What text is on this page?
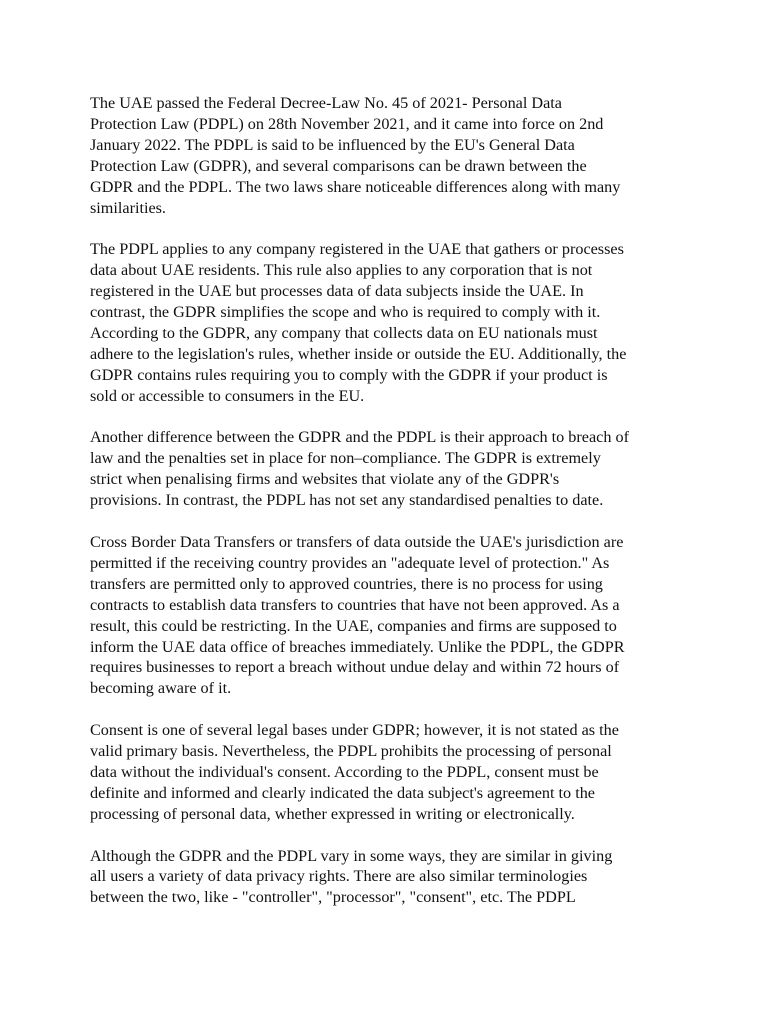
The UAE passed the Federal Decree-Law No. 45 of 2021- Personal Data
Protection Law (PDPL) on 28th November 2021, and it came into force on 2nd
January 2022. The PDPL is said to be influenced by the EU's General Data
Protection Law (GDPR), and several comparisons can be drawn between the
GDPR and the PDPL. The two laws share noticeable differences along with many
similarities.

The PDPL applies to any company registered in the UAE that gathers or processes
data about UAE residents. This rule also applies to any corporation that is not
registered in the UAE but processes data of data subjects inside the UAE. In
contrast, the GDPR simplifies the scope and who is required to comply with it.
According to the GDPR, any company that collects data on EU nationals must
adhere to the legislation's rules, whether inside or outside the EU. Additionally, the
GDPR contains rules requiring you to comply with the GDPR if your product is
sold or accessible to consumers in the EU.

Another difference between the GDPR and the PDPL is their approach to breach of
law and the penalties set in place for non–compliance. The GDPR is extremely
strict when penalising firms and websites that violate any of the GDPR's
provisions. In contrast, the PDPL has not set any standardised penalties to date.

Cross Border Data Transfers or transfers of data outside the UAE's jurisdiction are
permitted if the receiving country provides an "adequate level of protection." As
transfers are permitted only to approved countries, there is no process for using
contracts to establish data transfers to countries that have not been approved. As a
result, this could be restricting. In the UAE, companies and firms are supposed to
inform the UAE data office of breaches immediately. Unlike the PDPL, the GDPR
requires businesses to report a breach without undue delay and within 72 hours of
becoming aware of it.

Consent is one of several legal bases under GDPR; however, it is not stated as the
valid primary basis. Nevertheless, the PDPL prohibits the processing of personal
data without the individual's consent. According to the PDPL, consent must be
definite and informed and clearly indicated the data subject's agreement to the
processing of personal data, whether expressed in writing or electronically.

Although the GDPR and the PDPL vary in some ways, they are similar in giving
all users a variety of data privacy rights. There are also similar terminologies
between the two, like - "controller", "processor", "consent", etc. The PDPL
